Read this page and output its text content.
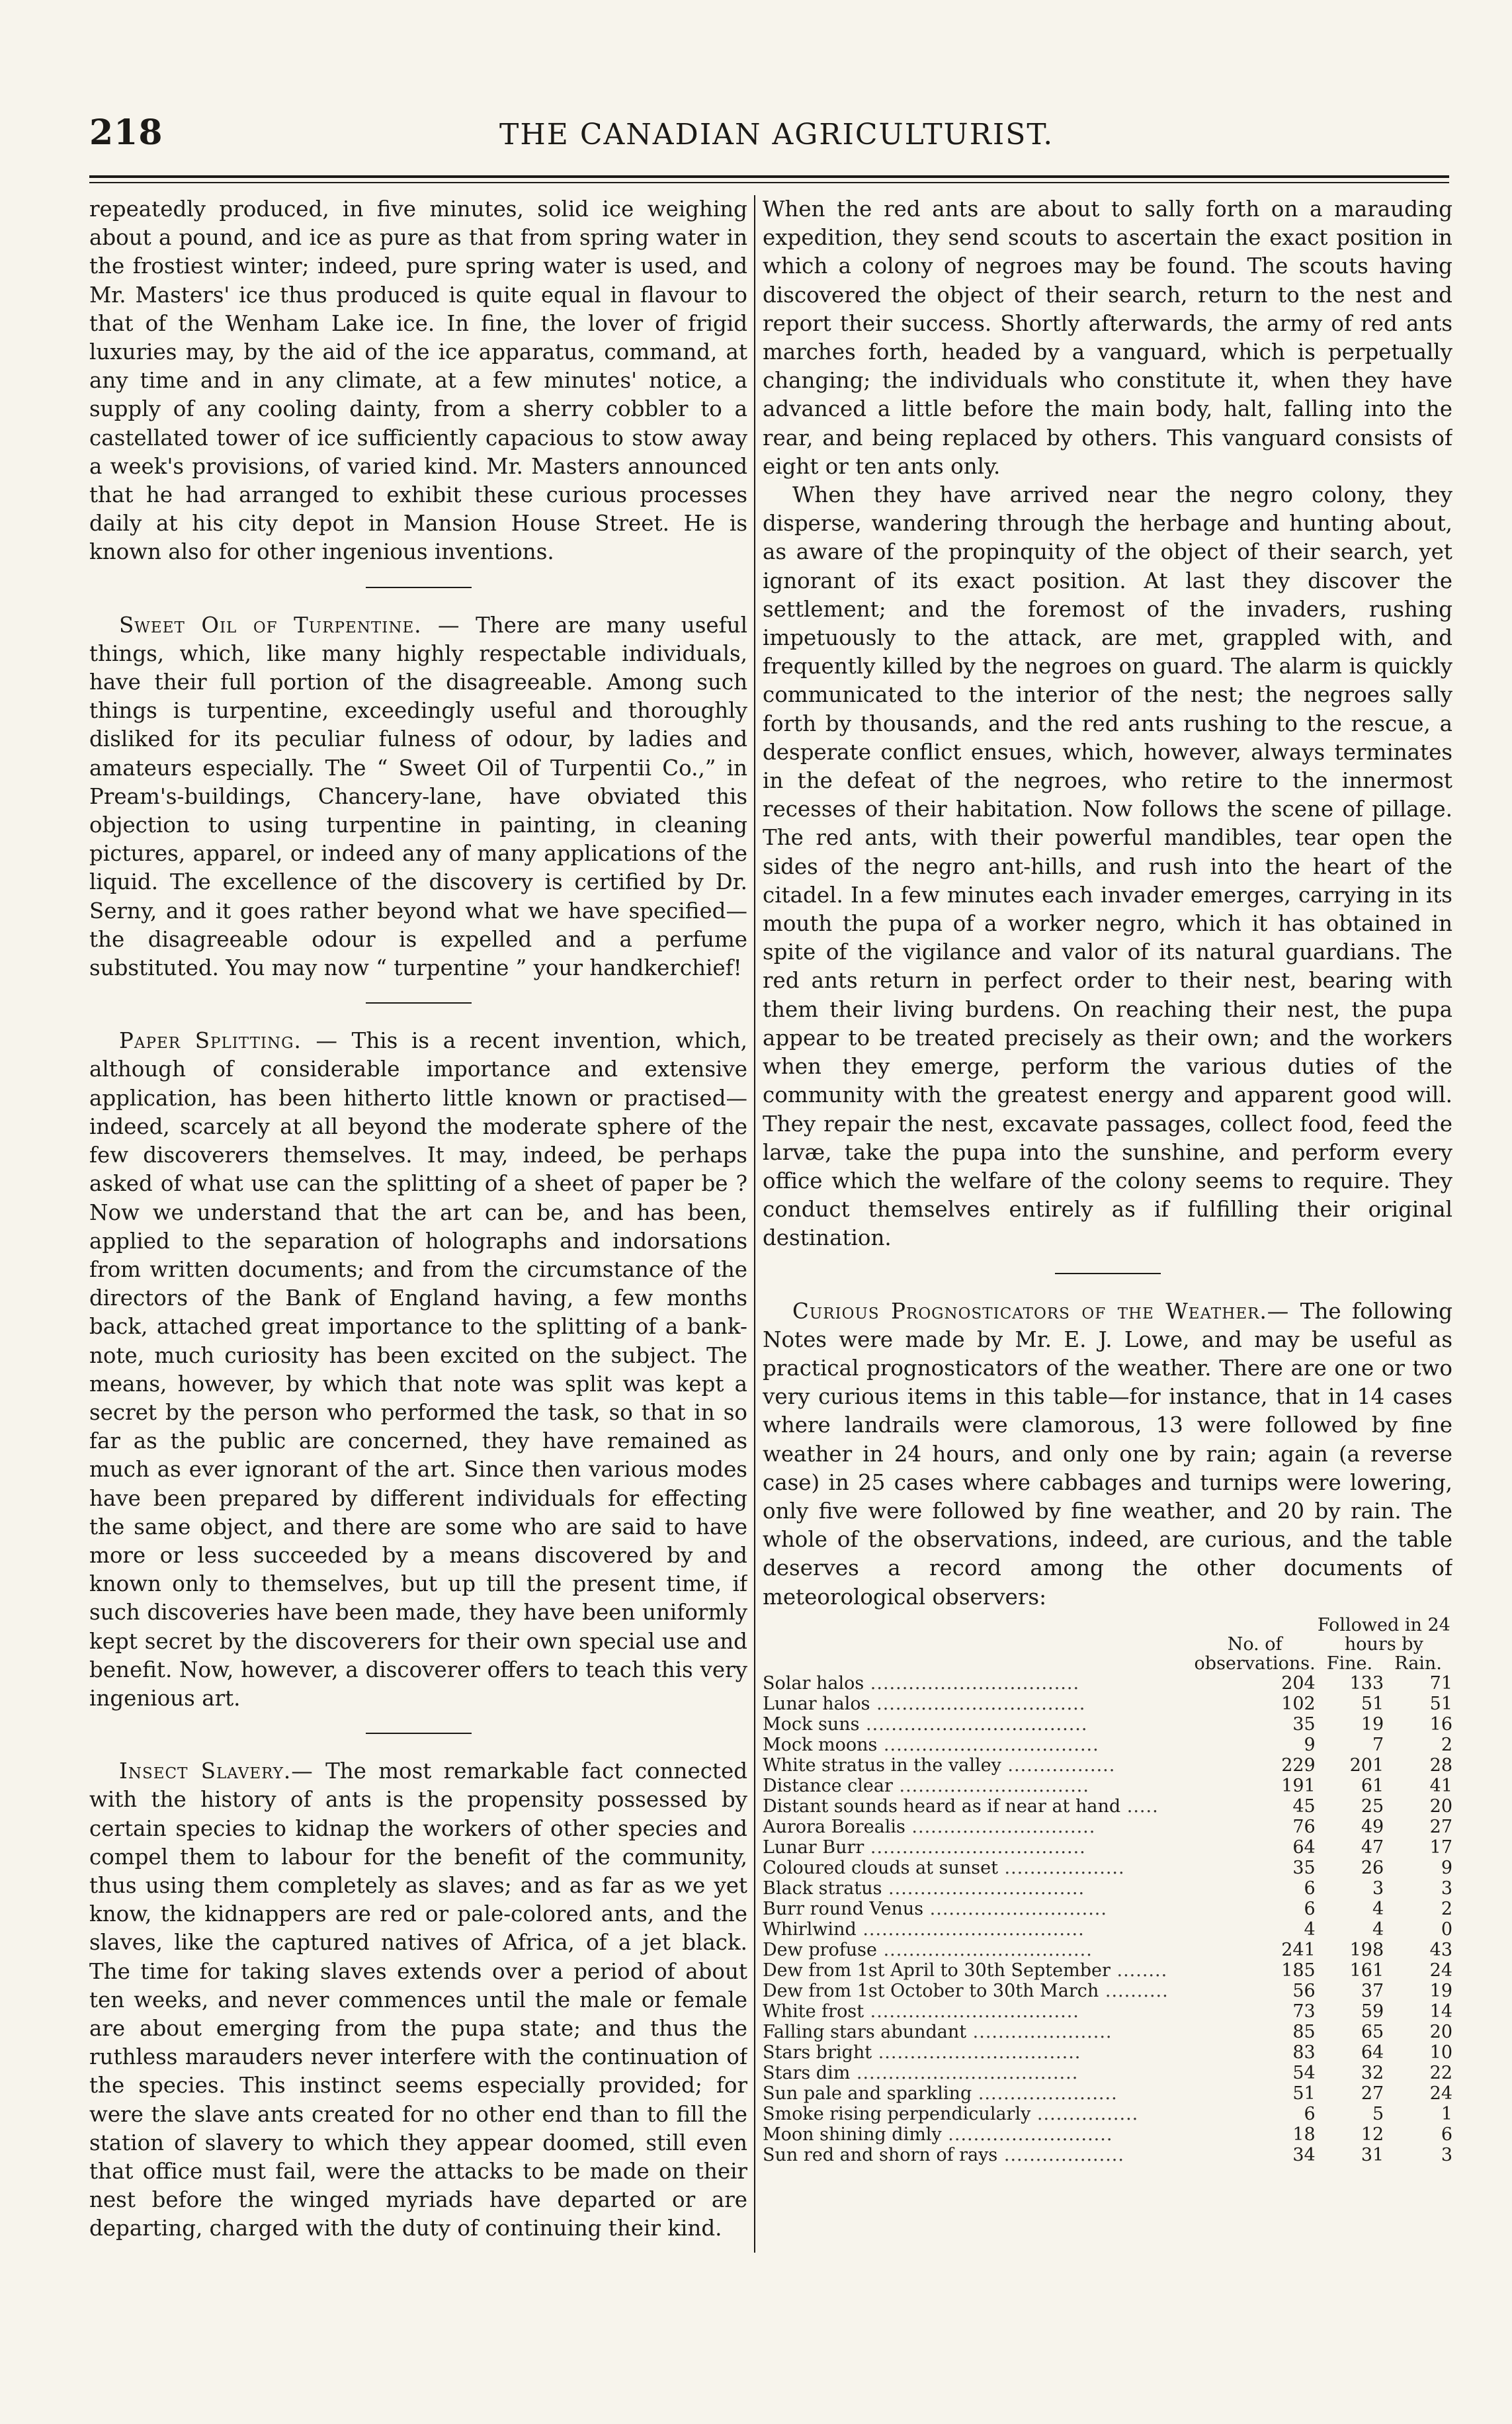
218	THE CANADIAN AGRICULTURIST.

repeatedly produced, in five minutes, solid ice weighing about a pound, and ice as pure as that from spring water in the frostiest winter; indeed, pure spring water is used, and Mr. Masters' ice thus produced is quite equal in flavour to that of the Wenham Lake ice. In fine, the lover of frigid luxuries may, by the aid of the ice apparatus, command, at any time and in any climate, at a few minutes' notice, a supply of any cooling dainty, from a sherry cobbler to a castellated tower of ice sufficiently capacious to stow away a week's provisions, of varied kind. Mr. Masters announced that he had arranged to exhibit these curious processes daily at his city depot in Mansion House Street. He is known also for other ingenious inventions.

Sweet Oil of Turpentine. — There are many useful things, which, like many highly respectable individuals, have their full portion of the disagreeable. Among such things is turpentine, exceedingly useful and thoroughly disliked for its peculiar fulness of odour, by ladies and amateurs especially. The “ Sweet Oil of Turpentii Co.,” in Pream's-buildings, Chancery-lane, have obviated this objection to using turpentine in painting, in cleaning pictures, apparel, or indeed any of many applications of the liquid. The excellence of the discovery is certified by Dr. Serny, and it goes rather beyond what we have specified—the disagreeable odour is expelled and a perfume substituted. You may now “ turpentine ” your handkerchief!

Paper Splitting. — This is a recent invention, which, although of considerable importance and extensive application, has been hitherto little known or practised—indeed, scarcely at all beyond the moderate sphere of the few discoverers themselves. It may, indeed, be perhaps asked of what use can the splitting of a sheet of paper be ? Now we understand that the art can be, and has been, applied to the separation of holographs and indorsations from written documents; and from the circumstance of the directors of the Bank of England having, a few months back, attached great importance to the splitting of a bank-note, much curiosity has been excited on the subject. The means, however, by which that note was split was kept a secret by the person who performed the task, so that in so far as the public are concerned, they have remained as much as ever ignorant of the art. Since then various modes have been prepared by different individuals for effecting the same object, and there are some who are said to have more or less succeeded by a means discovered by and known only to themselves, but up till the present time, if such discoveries have been made, they have been uniformly kept secret by the discoverers for their own special use and benefit. Now, however, a discoverer offers to teach this very ingenious art.

Insect Slavery.— The most remarkable fact connected with the history of ants is the propensity possessed by certain species to kidnap the workers of other species and compel them to labour for the benefit of the community, thus using them completely as slaves; and as far as we yet know, the kidnappers are red or pale-colored ants, and the slaves, like the captured natives of Africa, of a jet black. The time for taking slaves extends over a period of about ten weeks, and never commences until the male or female are about emerging from the pupa state; and thus the ruthless marauders never interfere with the continuation of the species. This instinct seems especially provided; for were the slave ants created for no other end than to fill the station of slavery to which they appear doomed, still even that office must fail, were the attacks to be made on their nest before the winged myriads have departed or are departing, charged with the duty of continuing their kind.

When the red ants are about to sally forth on a marauding expedition, they send scouts to ascertain the exact position in which a colony of negroes may be found. The scouts having discovered the object of their search, return to the nest and report their success. Shortly afterwards, the army of red ants marches forth, headed by a vanguard, which is perpetually changing; the individuals who constitute it, when they have advanced a little before the main body, halt, falling into the rear, and being replaced by others. This vanguard consists of eight or ten ants only.

When they have arrived near the negro colony, they disperse, wandering through the herbage and hunting about, as aware of the propinquity of the object of their search, yet ignorant of its exact position. At last they discover the settlement; and the foremost of the invaders, rushing impetuously to the attack, are met, grappled with, and frequently killed by the negroes on guard. The alarm is quickly communicated to the interior of the nest; the negroes sally forth by thousands, and the red ants rushing to the rescue, a desperate conflict ensues, which, however, always terminates in the defeat of the negroes, who retire to the innermost recesses of their habitation. Now follows the scene of pillage. The red ants, with their powerful mandibles, tear open the sides of the negro ant-hills, and rush into the heart of the citadel. In a few minutes each invader emerges, carrying in its mouth the pupa of a worker negro, which it has obtained in spite of the vigilance and valor of its natural guardians. The red ants return in perfect order to their nest, bearing with them their living burdens. On reaching their nest, the pupa appear to be treated precisely as their own; and the workers when they emerge, perform the various duties of the community with the greatest energy and apparent good will. They repair the nest, excavate passages, collect food, feed the larvæ, take the pupa into the sunshine, and perform every office which the welfare of the colony seems to require. They conduct themselves entirely as if fulfilling their original destination.

Curious Prognosticators of the Weather.— The following Notes were made by Mr. E. J. Lowe, and may be useful as practical prognosticators of the weather. There are one or two very curious items in this table—for instance, that in 14 cases where landrails were clamorous, 13 were followed by fine weather in 24 hours, and only one by rain; again (a reverse case) in 25 cases where cabbages and turnips were lowering, only five were followed by fine weather, and 20 by rain. The whole of the observations, indeed, are curious, and the table deserves a record among the other documents of meteorological observers:

	No. of observations.	Followed in 24 hours by	
		Fine.	Rain.
Solar halos .................................	204	133	71
Lunar halos .................................	102	51	51
Mock suns ...................................	35	19	16
Mock moons ..................................	9	7	2
White stratus in the valley .................	229	201	28
Distance clear ..............................	191	61	41
Distant sounds heard as if near at hand .....	45	25	20
Aurora Borealis .............................	76	49	27
Lunar Burr ..................................	64	47	17
Coloured clouds at sunset ...................	35	26	9
Black stratus ...............................	6	3	3
Burr round Venus ............................	6	4	2
Whirlwind ...................................	4	4	0
Dew profuse .................................	241	198	43
Dew from 1st April to 30th September ........	185	161	24
Dew from 1st October to 30th March ..........	56	37	19
White frost .................................	73	59	14
Falling stars abundant ......................	85	65	20
Stars bright ................................	83	64	10
Stars dim ...................................	54	32	22
Sun pale and sparkling ......................	51	27	24
Smoke rising perpendicularly ................	6	5	1
Moon shining dimly ..........................	18	12	6
Sun red and shorn of rays ...................	34	31	3
